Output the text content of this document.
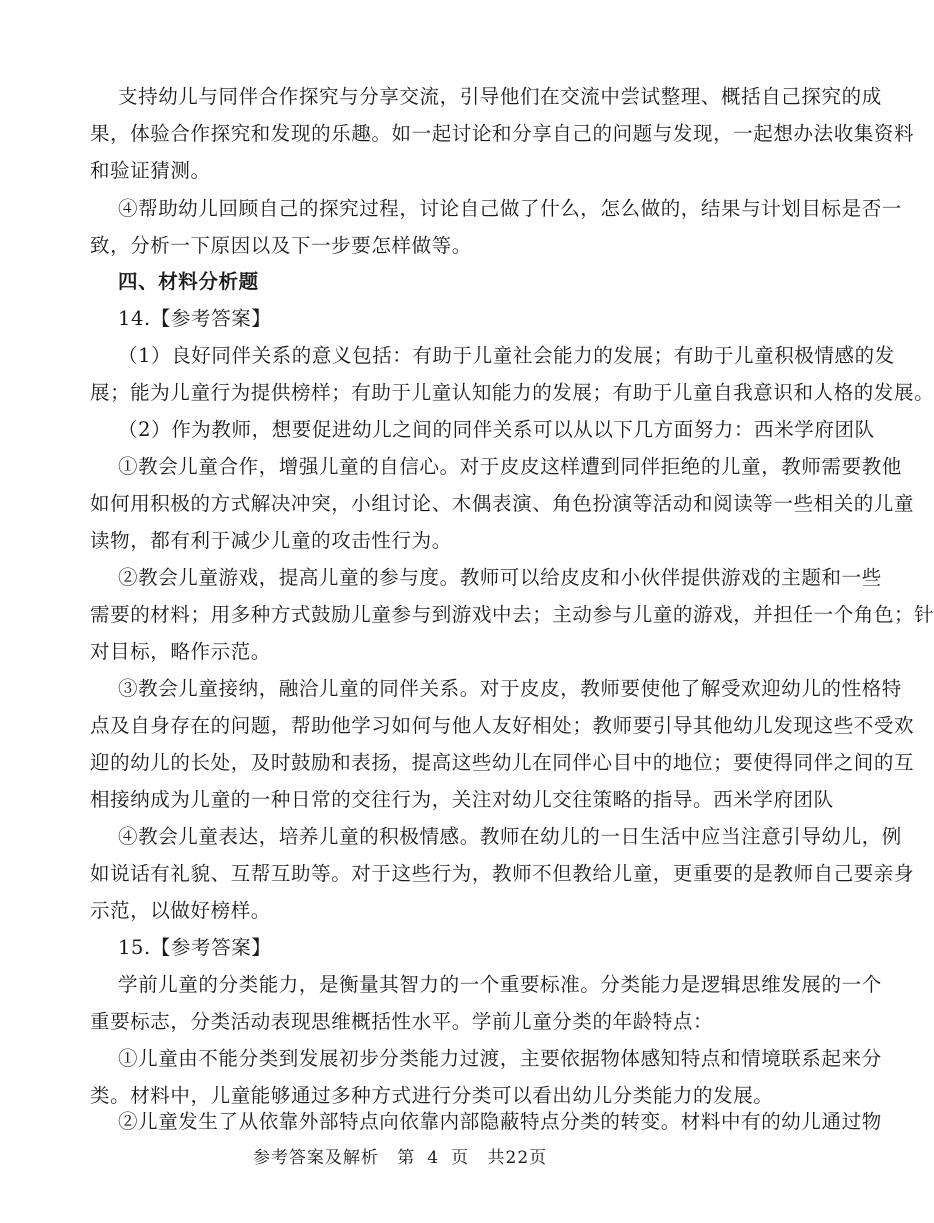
支持幼儿与同伴合作探究与分享交流，引导他们在交流中尝试整理、概括自己探究的成
果，体验合作探究和发现的乐趣。如一起讨论和分享自己的问题与发现，一起想办法收集资料
和验证猜测。
④帮助幼儿回顾自己的探究过程，讨论自己做了什么，怎么做的，结果与计划目标是否一
致，分析一下原因以及下一步要怎样做等。
四、材料分析题
14.【参考答案】
（1）良好同伴关系的意义包括：有助于儿童社会能力的发展；有助于儿童积极情感的发
展；能为儿童行为提供榜样；有助于儿童认知能力的发展；有助于儿童自我意识和人格的发展。
（2）作为教师，想要促进幼儿之间的同伴关系可以从以下几方面努力：西米学府团队
①教会儿童合作，增强儿童的自信心。对于皮皮这样遭到同伴拒绝的儿童，教师需要教他
如何用积极的方式解决冲突，小组讨论、木偶表演、角色扮演等活动和阅读等一些相关的儿童
读物，都有利于减少儿童的攻击性行为。
②教会儿童游戏，提高儿童的参与度。教师可以给皮皮和小伙伴提供游戏的主题和一些
需要的材料；用多种方式鼓励儿童参与到游戏中去；主动参与儿童的游戏，并担任一个角色；针
对目标，略作示范。
③教会儿童接纳，融洽儿童的同伴关系。对于皮皮，教师要使他了解受欢迎幼儿的性格特
点及自身存在的问题，帮助他学习如何与他人友好相处；教师要引导其他幼儿发现这些不受欢
迎的幼儿的长处，及时鼓励和表扬，提高这些幼儿在同伴心目中的地位；要使得同伴之间的互
相接纳成为儿童的一种日常的交往行为，关注对幼儿交往策略的指导。西米学府团队
④教会儿童表达，培养儿童的积极情感。教师在幼儿的一日生活中应当注意引导幼儿，例
如说话有礼貌、互帮互助等。对于这些行为，教师不但教给儿童，更重要的是教师自己要亲身
示范，以做好榜样。
15.【参考答案】
学前儿童的分类能力，是衡量其智力的一个重要标准。分类能力是逻辑思维发展的一个
重要标志，分类活动表现思维概括性水平。学前儿童分类的年龄特点：
①儿童由不能分类到发展初步分类能力过渡，主要依据物体感知特点和情境联系起来分
类。材料中，儿童能够通过多种方式进行分类可以看出幼儿分类能力的发展。
②儿童发生了从依靠外部特点向依靠内部隐蔽特点分类的转变。材料中有的幼儿通过物
参考答案及解析 第 4 页 共22页
